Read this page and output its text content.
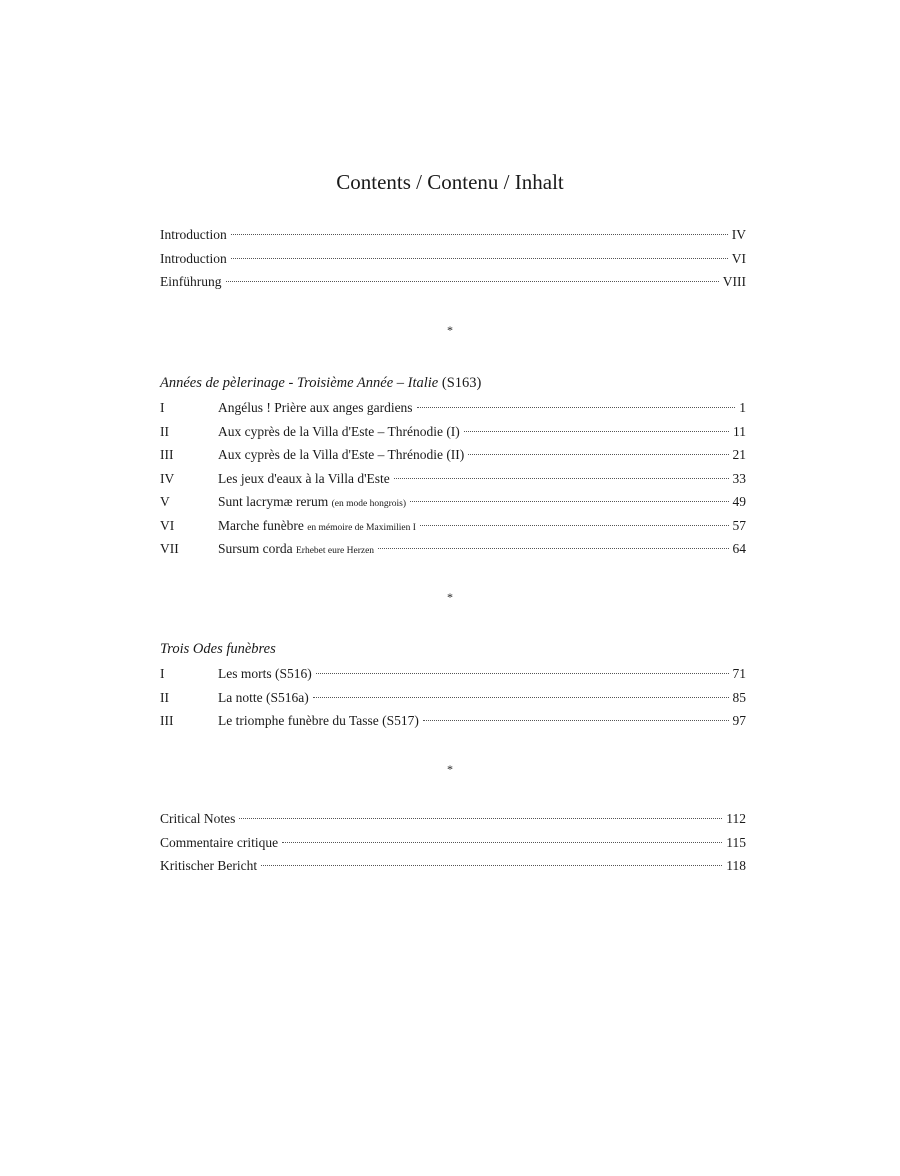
Contents / Contenu / Inhalt
Introduction	IV
Introduction	VI
Einführung	VIII
*
Années de pèlerinage - Troisième Année – Italie (S163)
I	Angélus ! Prière aux anges gardiens	1
II	Aux cyprès de la Villa d'Este – Thrénodie (I)	11
III	Aux cyprès de la Villa d'Este – Thrénodie (II)	21
IV	Les jeux d'eaux à la Villa d'Este	33
V	Sunt lacrymæ rerum (en mode hongrois)	49
VI	Marche funèbre en mémoire de Maximilien I	57
VII	Sursum corda Erhebet eure Herzen	64
*
Trois Odes funèbres
I	Les morts (S516)	71
II	La notte (S516a)	85
III	Le triomphe funèbre du Tasse (S517)	97
*
Critical Notes	112
Commentaire critique	115
Kritischer Bericht	118
